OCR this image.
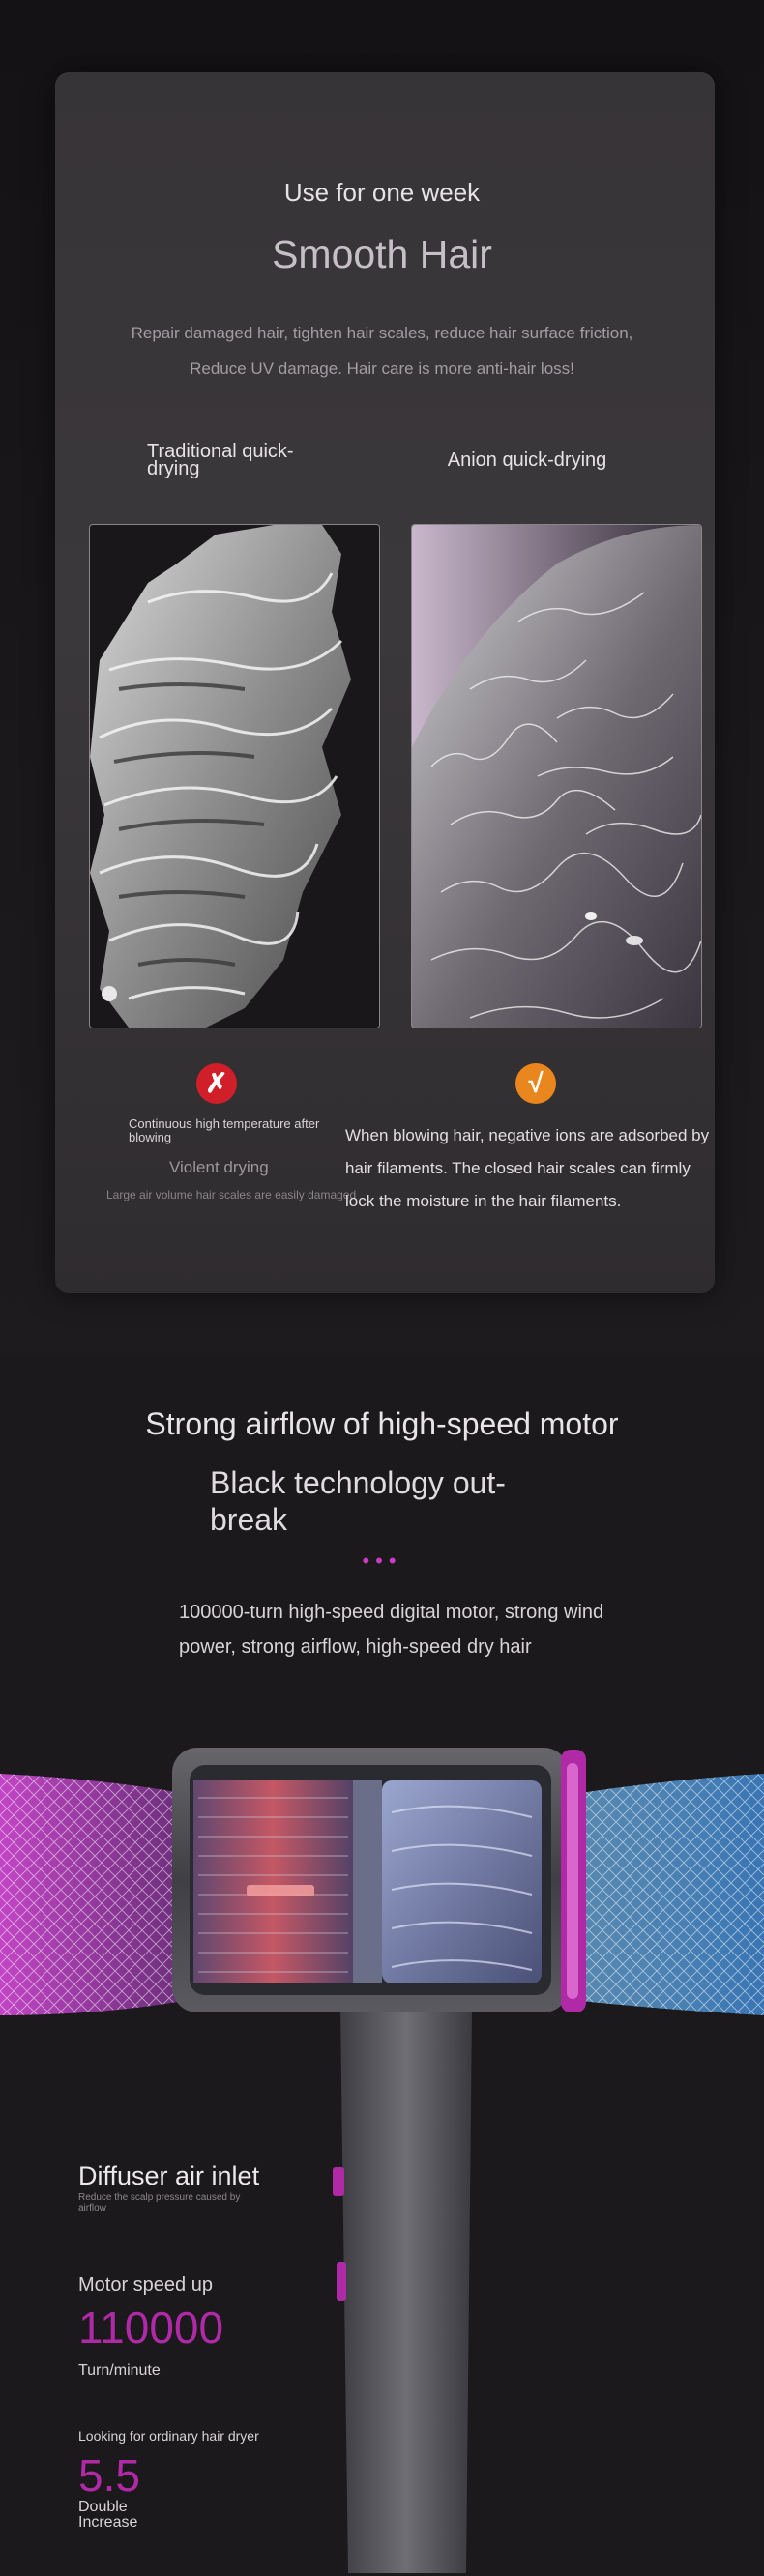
Use for one week
Smooth Hair
Repair damaged hair, tighten hair scales, reduce hair surface friction,
Reduce UV damage. Hair care is more anti-hair loss!
Traditional quick-drying	Anion quick-drying
✗	√
Continuous high temperature after blowing
Violent drying
Large air volume hair scales are easily damaged
When blowing hair, negative ions are adsorbed by hair filaments. The closed hair scales can firmly lock the moisture in the hair filaments.
Strong airflow of high-speed motor
Black technology out-break
•••
100000-turn high-speed digital motor, strong wind power, strong airflow, high-speed dry hair
Diffuser air inlet
Reduce the scalp pressure caused by airflow
Motor speed up
110000
Turn/minute
Looking for ordinary hair dryer
5.5
Double Increase
